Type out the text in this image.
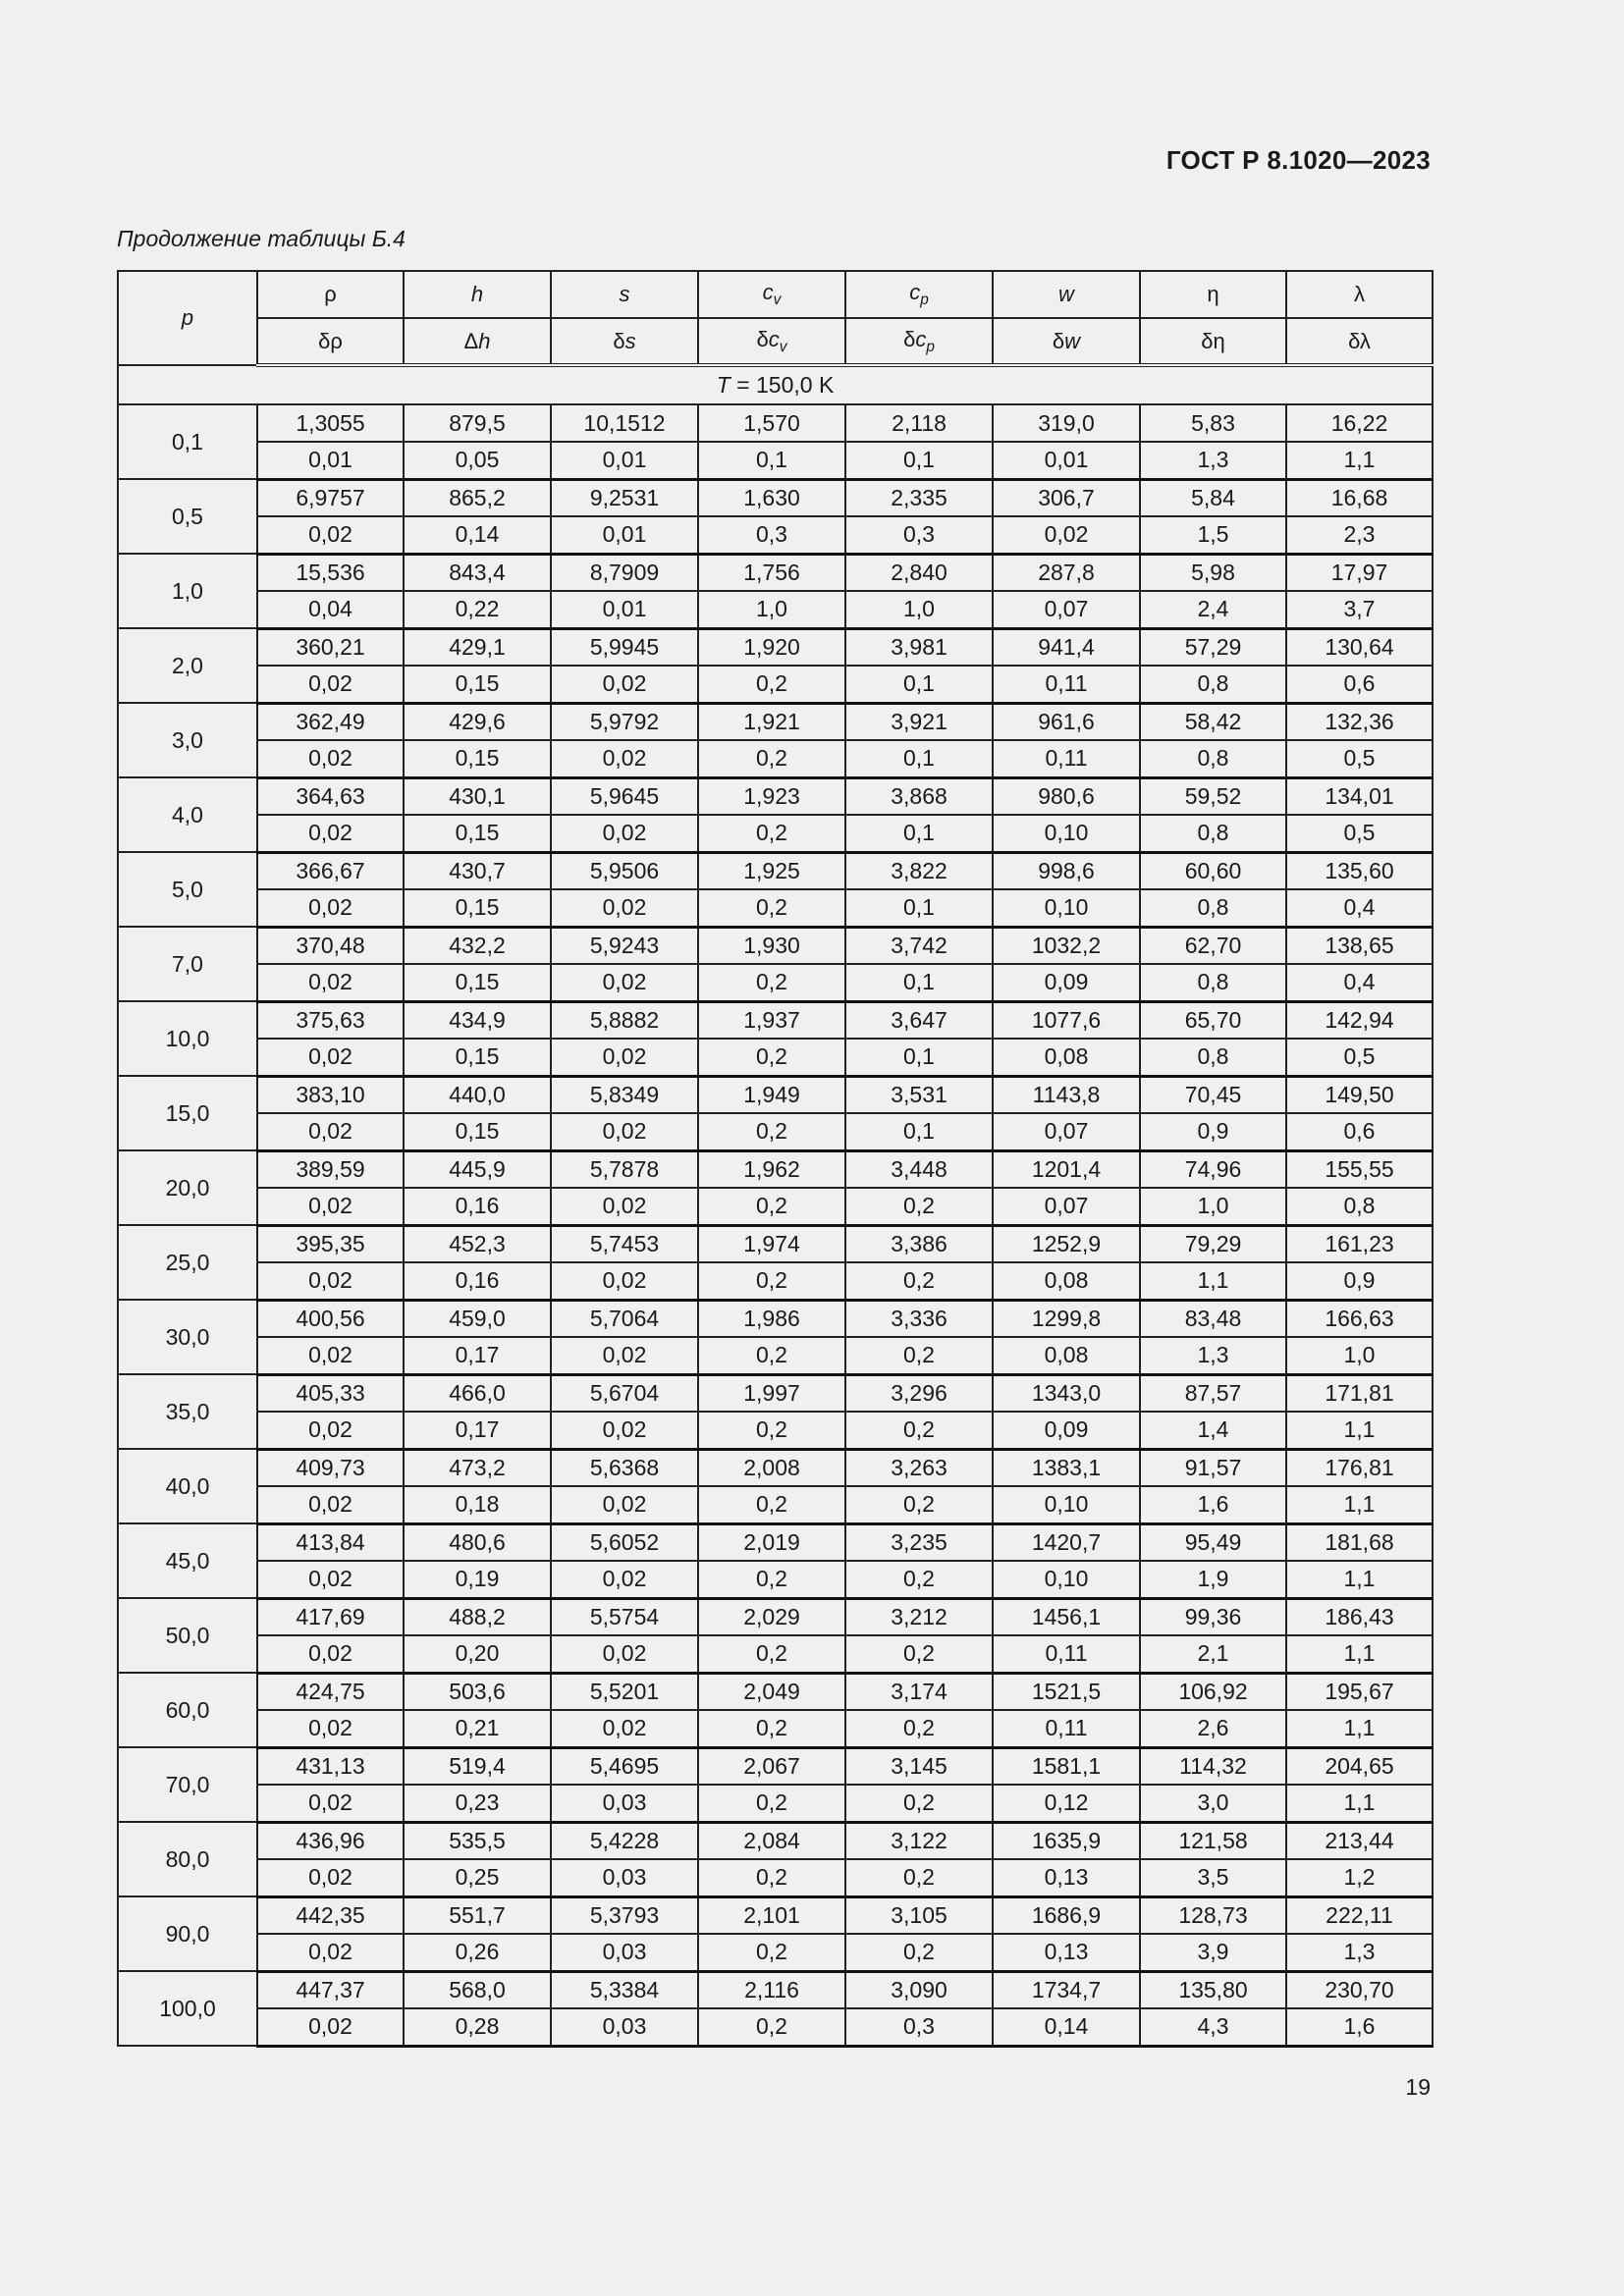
ГОСТ Р 8.1020—2023
Продолжение таблицы Б.4
p	ρ	h	s	$c_v$	$c_p$	w	η	λ
	δρ	Δh	δs	$\delta c_v$	$\delta c_p$	δw	δη	δλ
T = 150,0 K								
0,1	1,3055	879,5	10,1512	1,570	2,118	319,0	5,83	16,22
	0,01	0,05	0,01	0,1	0,1	0,01	1,3	1,1
0,5	6,9757	865,2	9,2531	1,630	2,335	306,7	5,84	16,68
	0,02	0,14	0,01	0,3	0,3	0,02	1,5	2,3
1,0	15,536	843,4	8,7909	1,756	2,840	287,8	5,98	17,97
	0,04	0,22	0,01	1,0	1,0	0,07	2,4	3,7
2,0	360,21	429,1	5,9945	1,920	3,981	941,4	57,29	130,64
	0,02	0,15	0,02	0,2	0,1	0,11	0,8	0,6
3,0	362,49	429,6	5,9792	1,921	3,921	961,6	58,42	132,36
	0,02	0,15	0,02	0,2	0,1	0,11	0,8	0,5
4,0	364,63	430,1	5,9645	1,923	3,868	980,6	59,52	134,01
	0,02	0,15	0,02	0,2	0,1	0,10	0,8	0,5
5,0	366,67	430,7	5,9506	1,925	3,822	998,6	60,60	135,60
	0,02	0,15	0,02	0,2	0,1	0,10	0,8	0,4
7,0	370,48	432,2	5,9243	1,930	3,742	1032,2	62,70	138,65
	0,02	0,15	0,02	0,2	0,1	0,09	0,8	0,4
10,0	375,63	434,9	5,8882	1,937	3,647	1077,6	65,70	142,94
	0,02	0,15	0,02	0,2	0,1	0,08	0,8	0,5
15,0	383,10	440,0	5,8349	1,949	3,531	1143,8	70,45	149,50
	0,02	0,15	0,02	0,2	0,1	0,07	0,9	0,6
20,0	389,59	445,9	5,7878	1,962	3,448	1201,4	74,96	155,55
	0,02	0,16	0,02	0,2	0,2	0,07	1,0	0,8
25,0	395,35	452,3	5,7453	1,974	3,386	1252,9	79,29	161,23
	0,02	0,16	0,02	0,2	0,2	0,08	1,1	0,9
30,0	400,56	459,0	5,7064	1,986	3,336	1299,8	83,48	166,63
	0,02	0,17	0,02	0,2	0,2	0,08	1,3	1,0
35,0	405,33	466,0	5,6704	1,997	3,296	1343,0	87,57	171,81
	0,02	0,17	0,02	0,2	0,2	0,09	1,4	1,1
40,0	409,73	473,2	5,6368	2,008	3,263	1383,1	91,57	176,81
	0,02	0,18	0,02	0,2	0,2	0,10	1,6	1,1
45,0	413,84	480,6	5,6052	2,019	3,235	1420,7	95,49	181,68
	0,02	0,19	0,02	0,2	0,2	0,10	1,9	1,1
50,0	417,69	488,2	5,5754	2,029	3,212	1456,1	99,36	186,43
	0,02	0,20	0,02	0,2	0,2	0,11	2,1	1,1
60,0	424,75	503,6	5,5201	2,049	3,174	1521,5	106,92	195,67
	0,02	0,21	0,02	0,2	0,2	0,11	2,6	1,1
70,0	431,13	519,4	5,4695	2,067	3,145	1581,1	114,32	204,65
	0,02	0,23	0,03	0,2	0,2	0,12	3,0	1,1
80,0	436,96	535,5	5,4228	2,084	3,122	1635,9	121,58	213,44
	0,02	0,25	0,03	0,2	0,2	0,13	3,5	1,2
90,0	442,35	551,7	5,3793	2,101	3,105	1686,9	128,73	222,11
	0,02	0,26	0,03	0,2	0,2	0,13	3,9	1,3
100,0	447,37	568,0	5,3384	2,116	3,090	1734,7	135,80	230,70
	0,02	0,28	0,03	0,2	0,3	0,14	4,3	1,6
19
